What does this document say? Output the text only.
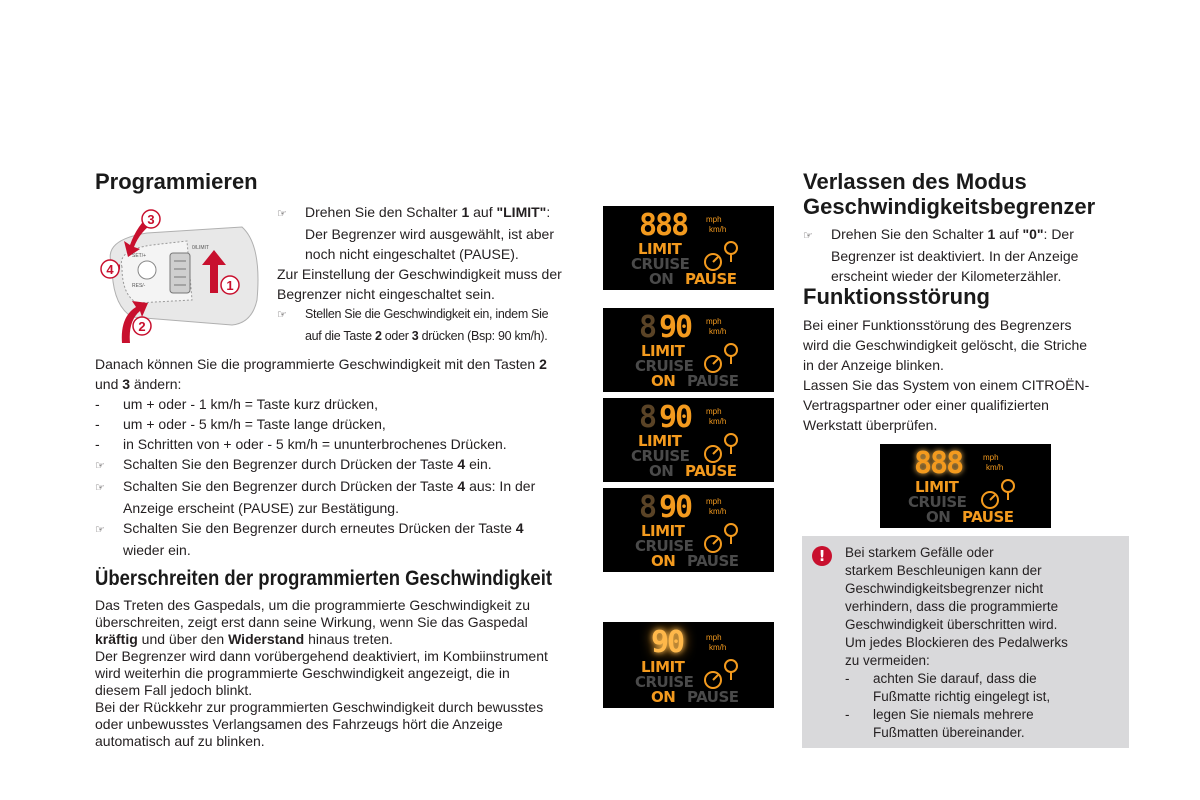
Programmieren
SET/+
0/LIMIT
RES/-
3
4
1
2
☞ Drehen Sie den Schalter 1 auf "LIMIT":
Der Begrenzer wird ausgewählt, ist aber
noch nicht eingeschaltet (PAUSE).
Zur Einstellung der Geschwindigkeit muss der
Begrenzer nicht eingeschaltet sein.
☞ Stellen Sie die Geschwindigkeit ein, indem Sie
auf die Taste 2 oder 3 drücken (Bsp: 90 km/h).
Danach können Sie die programmierte Geschwindigkeit mit den Tasten 2
und 3 ändern:
- um + oder - 1 km/h = Taste kurz drücken,
- um + oder - 5 km/h = Taste lange drücken,
- in Schritten von + oder - 5 km/h = ununterbrochenes Drücken.
☞ Schalten Sie den Begrenzer durch Drücken der Taste 4 ein.
☞ Schalten Sie den Begrenzer durch Drücken der Taste 4 aus: In der
Anzeige erscheint (PAUSE) zur Bestätigung.
☞ Schalten Sie den Begrenzer durch erneutes Drücken der Taste 4
wieder ein.
Überschreiten der programmierten Geschwindigkeit
Das Treten des Gaspedals, um die programmierte Geschwindigkeit zu
überschreiten, zeigt erst dann seine Wirkung, wenn Sie das Gaspedal
kräftig und über den Widerstand hinaus treten.
Der Begrenzer wird dann vorübergehend deaktiviert, im Kombiinstrument
wird weiterhin die programmierte Geschwindigkeit angezeigt, die in
diesem Fall jedoch blinkt.
Bei der Rückkehr zur programmierten Geschwindigkeit durch bewusstes
oder unbewusstes Verlangsamen des Fahrzeugs hört die Anzeige
automatisch auf zu blinken.
888 mph
km/h
LIMIT
CRUISE
ON PAUSE
8 90 mph
km/h
LIMIT
CRUISE
ON PAUSE
8 90 mph
km/h
LIMIT
CRUISE
ON PAUSE
8 90 mph
km/h
LIMIT
CRUISE
ON PAUSE
90	mph
km/h
LIMIT
CRUISE
ON PAUSE
Verlassen des Modus
Geschwindigkeitsbegrenzer
☞ Drehen Sie den Schalter 1 auf "0": Der
Begrenzer ist deaktiviert. In der Anzeige
erscheint wieder der Kilometerzähler.
Funktionsstörung
Bei einer Funktionsstörung des Begrenzers
wird die Geschwindigkeit gelöscht, die Striche
in der Anzeige blinken.
Lassen Sie das System von einem CITROËN-
Vertragspartner oder einer qualifizierten
Werkstatt überprüfen.
888	mph
km/h
LIMIT
CRUISE
ON PAUSE
!	Bei starkem Gefälle oder
starkem Beschleunigen kann der
Geschwindigkeitsbegrenzer nicht
verhindern, dass die programmierte
Geschwindigkeit überschritten wird.
Um jedes Blockieren des Pedalwerks
zu vermeiden:
- achten Sie darauf, dass die
Fußmatte richtig eingelegt ist,
- legen Sie niemals mehrere
Fußmatten übereinander.
